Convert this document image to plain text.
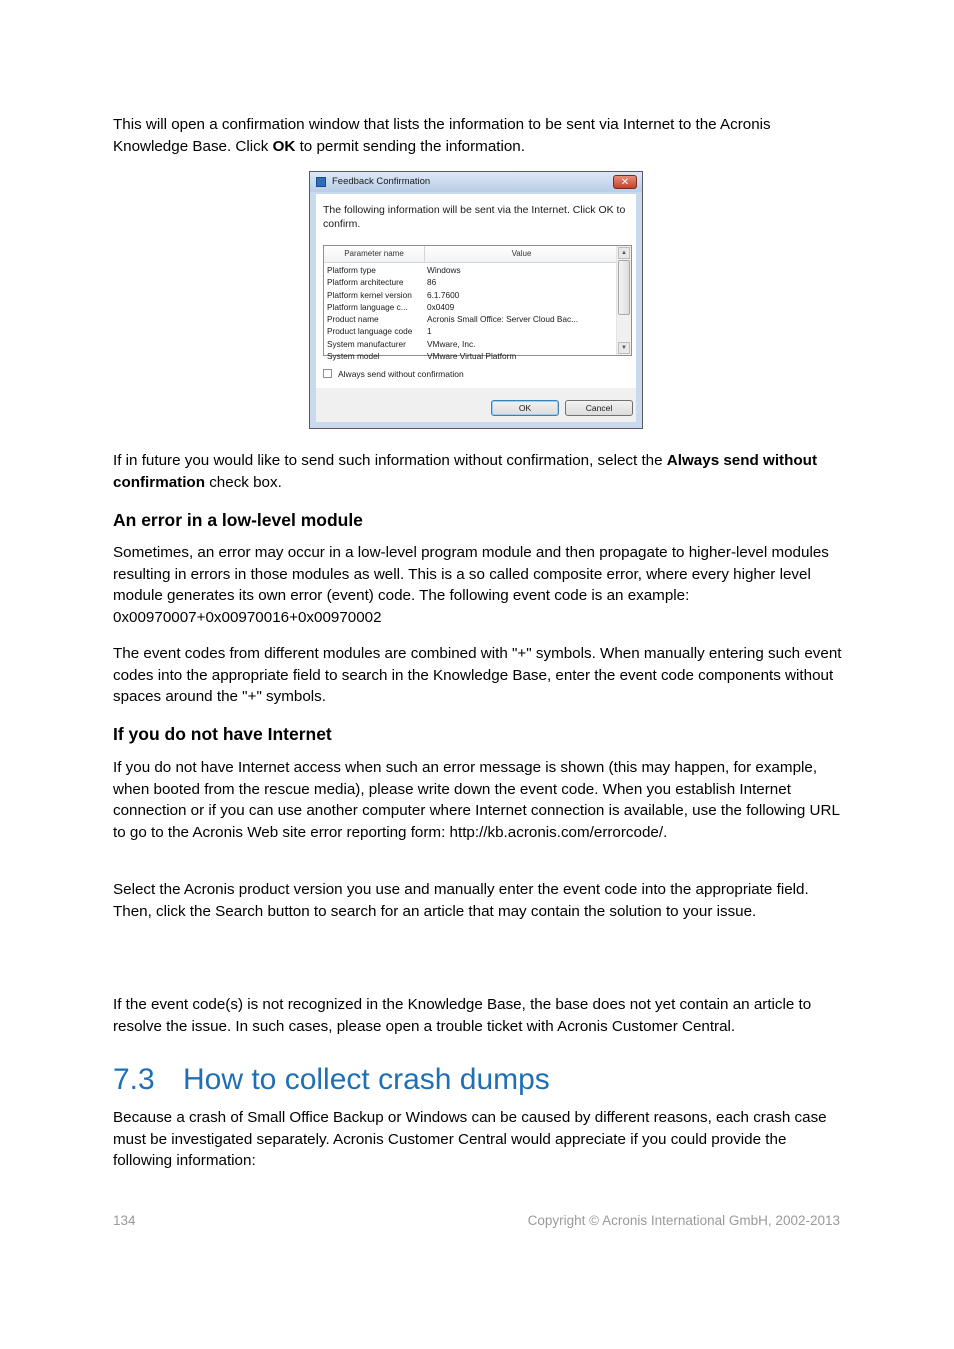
This will open a confirmation window that lists the information to be sent via Internet to the Acronis Knowledge Base. Click OK to permit sending the information.

Feedback Confirmation	✕
The following information will be sent via the Internet. Click OK to confirm.
Parameter name	Value
Platform type	Windows
Platform architecture	86
Platform kernel version	6.1.7600
Platform language c...	0x0409
Product name	Acronis Small Office: Server Cloud Bac...
Product language code	1
System manufacturer	VMware, Inc.
System model	VMware Virtual Platform
▲
▼
Always send without confirmation
OK	Cancel

If in future you would like to send such information without confirmation, select the Always send without confirmation check box.

An error in a low-level module

Sometimes, an error may occur in a low-level program module and then propagate to higher-level modules resulting in errors in those modules as well. This is a so called composite error, where every higher level module generates its own error (event) code. The following event code is an example: 0x00970007+0x00970016+0x00970002

The event codes from different modules are combined with "+" symbols. When manually entering such event codes into the appropriate field to search in the Knowledge Base, enter the event code components without spaces around the "+" symbols.

If you do not have Internet

If you do not have Internet access when such an error message is shown (this may happen, for example, when booted from the rescue media), please write down the event code. When you establish Internet connection or if you can use another computer where Internet connection is available, use the following URL to go to the Acronis Web site error reporting form: http://kb.acronis.com/errorcode/.

Select the Acronis product version you use and manually enter the event code into the appropriate field. Then, click the Search button to search for an article that may contain the solution to your issue.

If the event code(s) is not recognized in the Knowledge Base, the base does not yet contain an article to resolve the issue. In such cases, please open a trouble ticket with Acronis Customer Central.

7.3 How to collect crash dumps

Because a crash of Small Office Backup or Windows can be caused by different reasons, each crash case must be investigated separately. Acronis Customer Central would appreciate if you could provide the following information:

134	Copyright © Acronis International GmbH, 2002-2013
